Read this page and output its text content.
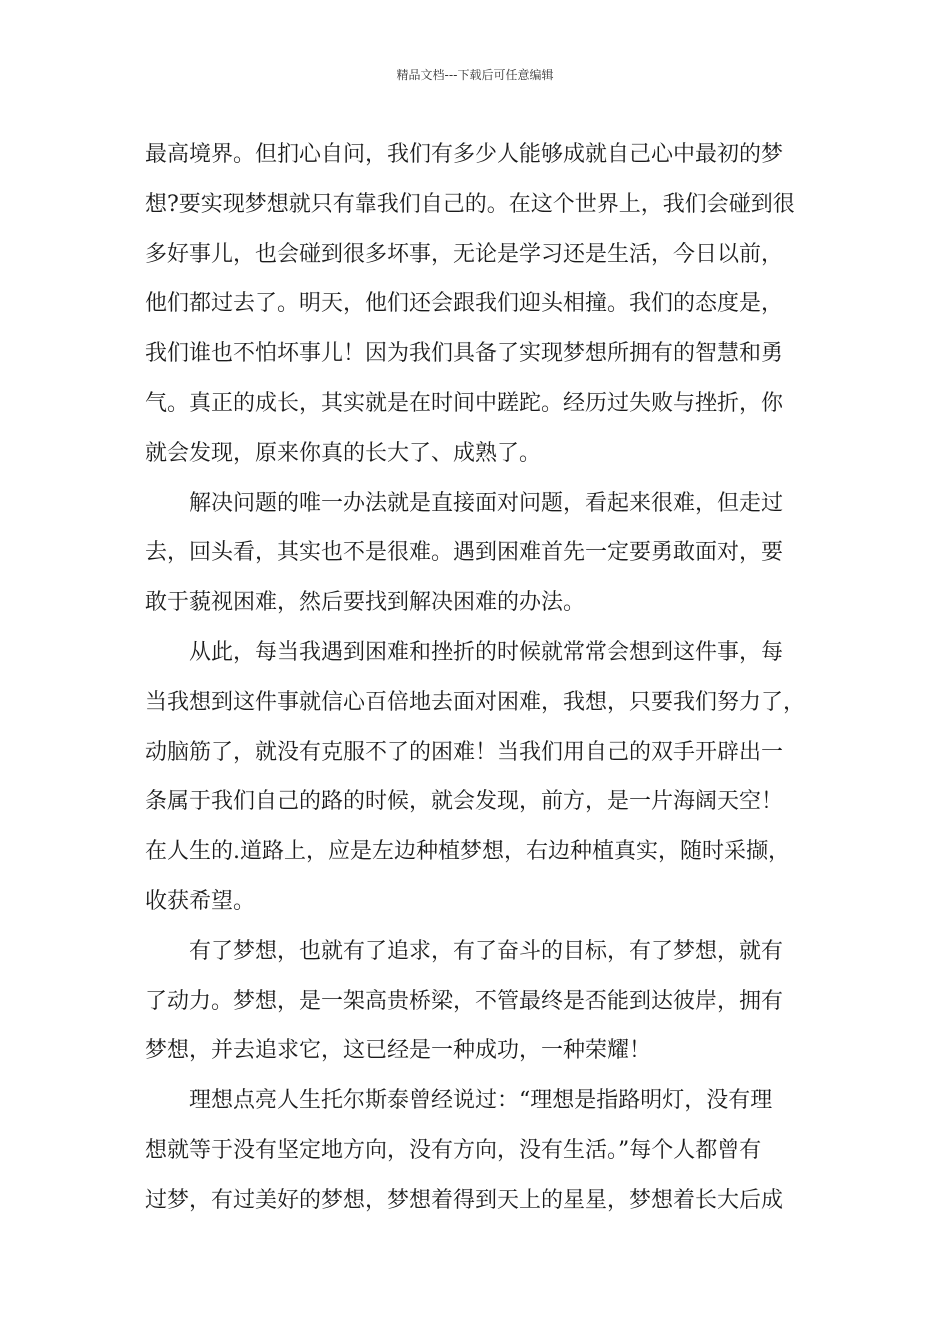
精品文档---下载后可任意编辑
最高境界。但扪心自问，我们有多少人能够成就自己心中最初的梦
想?要实现梦想就只有靠我们自己的。在这个世界上，我们会碰到很
多好事儿，也会碰到很多坏事，无论是学习还是生活，今日以前，
他们都过去了。明天，他们还会跟我们迎头相撞。我们的态度是，
我们谁也不怕坏事儿！因为我们具备了实现梦想所拥有的智慧和勇
气。真正的成长，其实就是在时间中蹉跎。经历过失败与挫折，你
就会发现，原来你真的长大了、成熟了。
解决问题的唯一办法就是直接面对问题，看起来很难，但走过
去，回头看，其实也不是很难。遇到困难首先一定要勇敢面对，要
敢于藐视困难，然后要找到解决困难的办法。
从此，每当我遇到困难和挫折的时候就常常会想到这件事，每
当我想到这件事就信心百倍地去面对困难，我想，只要我们努力了，
动脑筋了，就没有克服不了的困难！当我们用自己的双手开辟出一
条属于我们自己的路的时候，就会发现，前方，是一片海阔天空！
在人生的.道路上，应是左边种植梦想，右边种植真实，随时采撷，
收获希望。
有了梦想，也就有了追求，有了奋斗的目标，有了梦想，就有
了动力。梦想，是一架高贵桥梁，不管最终是否能到达彼岸，拥有
梦想，并去追求它，这已经是一种成功，一种荣耀！
理想点亮人生托尔斯泰曾经说过：“理想是指路明灯，没有理
想就等于没有坚定地方向，没有方向，没有生活。”每个人都曾有
过梦，有过美好的梦想，梦想着得到天上的星星，梦想着长大后成
